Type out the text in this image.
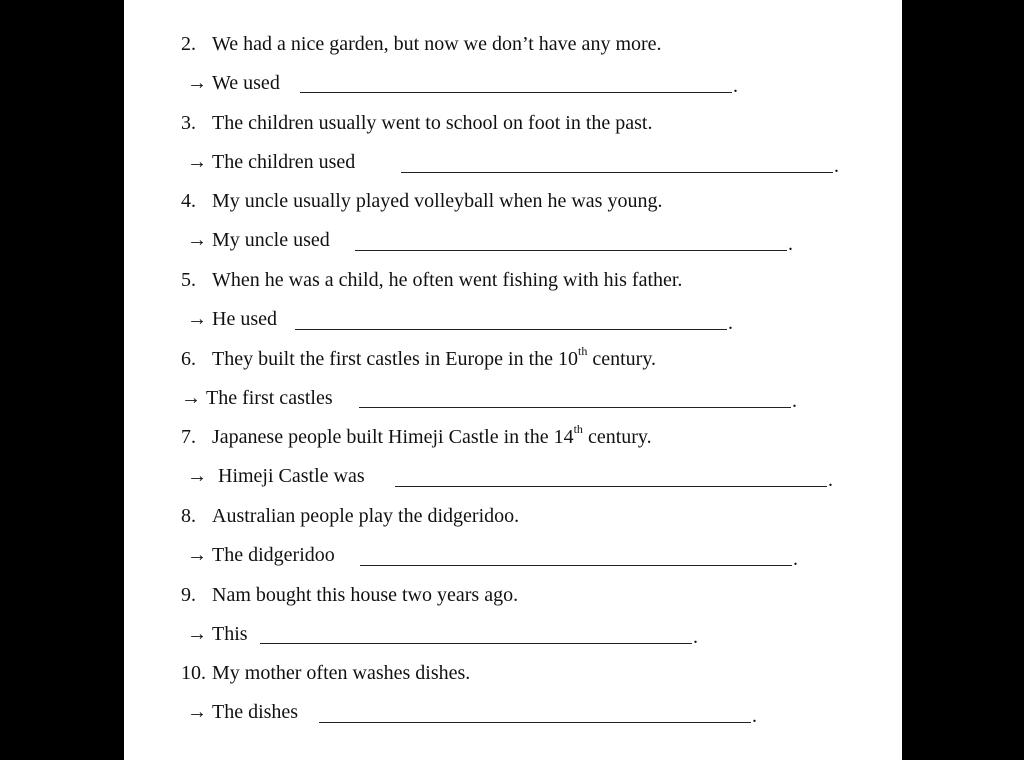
2. We had a nice garden, but now we don’t have any more.
→ We used	.
3. The children usually went to school on foot in the past.
→ The children used	.
4. My uncle usually played volleyball when he was young.
→ My uncle used	.
5. When he was a child, he often went fishing with his father.
→ He used	.
6. They built the first castles in Europe in the 10th century.
→ The first castles	.
7. Japanese people built Himeji Castle in the 14th century.
→ Himeji Castle was	.
8. Australian people play the didgeridoo.
→ The didgeridoo	.
9. Nam bought this house two years ago.
→ This	.
10. My mother often washes dishes.
→ The dishes	.
